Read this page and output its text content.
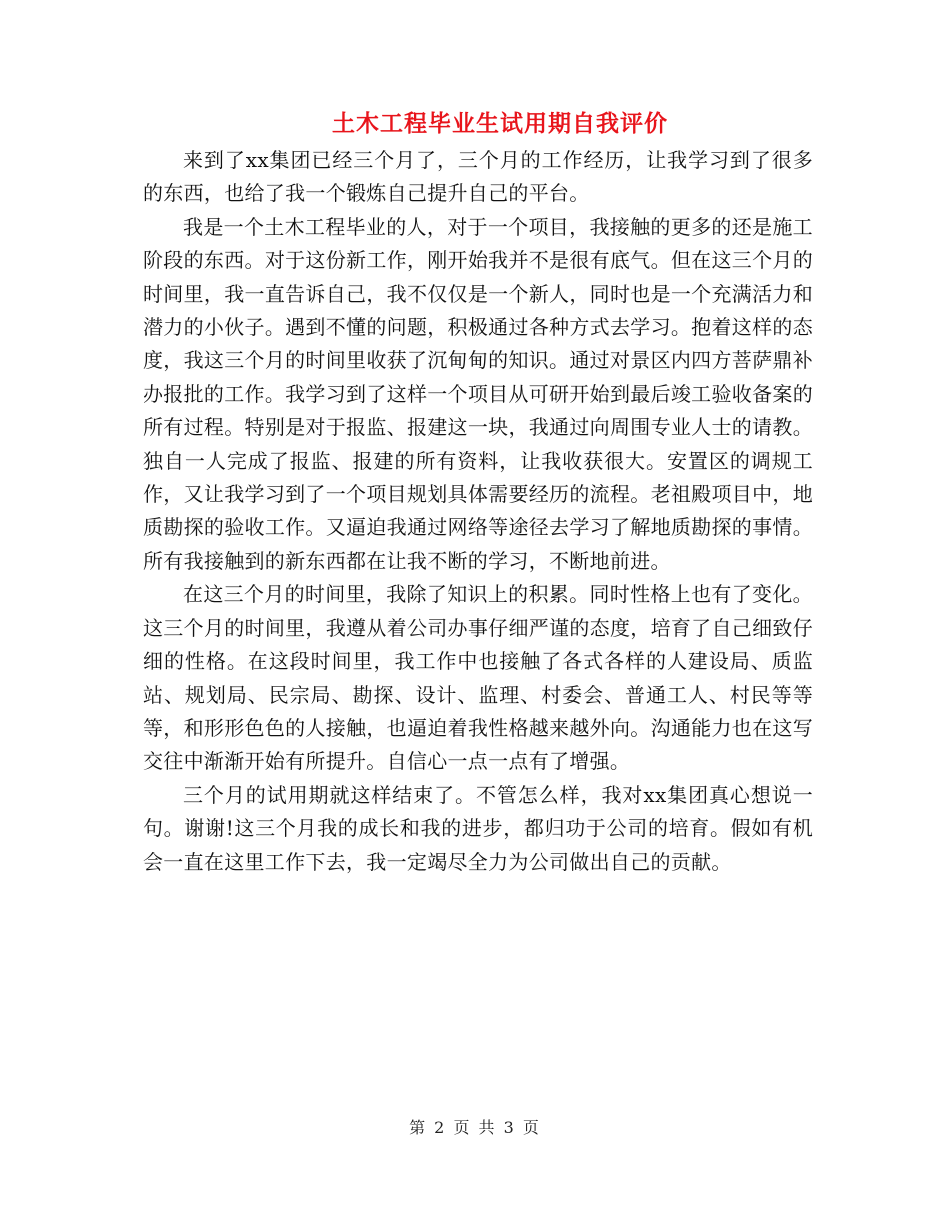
土木工程毕业生试用期自我评价

来到了xx集团已经三个月了，三个月的工作经历，让我学习到了很多的东西，也给了我一个锻炼自己提升自己的平台。

我是一个土木工程毕业的人，对于一个项目，我接触的更多的还是施工阶段的东西。对于这份新工作，刚开始我并不是很有底气。但在这三个月的时间里，我一直告诉自己，我不仅仅是一个新人，同时也是一个充满活力和潜力的小伙子。遇到不懂的问题，积极通过各种方式去学习。抱着这样的态度，我这三个月的时间里收获了沉甸甸的知识。通过对景区内四方菩萨鼎补办报批的工作。我学习到了这样一个项目从可研开始到最后竣工验收备案的所有过程。特别是对于报监、报建这一块，我通过向周围专业人士的请教。独自一人完成了报监、报建的所有资料，让我收获很大。安置区的调规工作，又让我学习到了一个项目规划具体需要经历的流程。老祖殿项目中，地质勘探的验收工作。又逼迫我通过网络等途径去学习了解地质勘探的事情。所有我接触到的新东西都在让我不断的学习，不断地前进。

在这三个月的时间里，我除了知识上的积累。同时性格上也有了变化。这三个月的时间里，我遵从着公司办事仔细严谨的态度，培育了自己细致仔细的性格。在这段时间里，我工作中也接触了各式各样的人建设局、质监站、规划局、民宗局、勘探、设计、监理、村委会、普通工人、村民等等等，和形形色色的人接触，也逼迫着我性格越来越外向。沟通能力也在这写交往中渐渐开始有所提升。自信心一点一点有了增强。

三个月的试用期就这样结束了。不管怎么样，我对xx集团真心想说一句。谢谢!这三个月我的成长和我的进步，都归功于公司的培育。假如有机会一直在这里工作下去，我一定竭尽全力为公司做出自己的贡献。

第 2 页 共 3 页
